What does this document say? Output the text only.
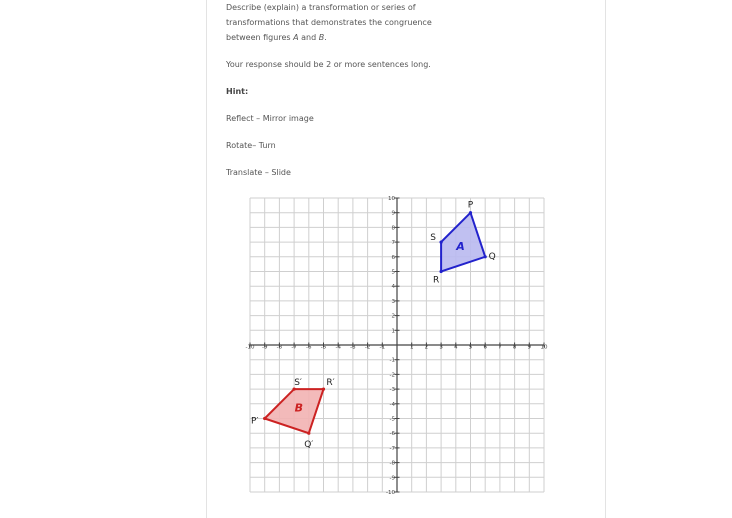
Describe (explain) a transformation or series of
transformations that demonstrates the congruence
between figures A and B.
Your response should be 2 or more sentences long.
Hint:
Reflect – Mirror image
Rotate– Turn
Translate – Slide
-10 -9 -8 -7 -6 -5 -4 -3 -2 -1	1 2 3 4 5 6 7 8 9 10
10
9
8
7
6
5
4
3
2
1
-1
-2
-3
-4
-5
-6
-7
-8
-9
-10
A
P
Q
R
S
B
P′
Q′
R′
S′
